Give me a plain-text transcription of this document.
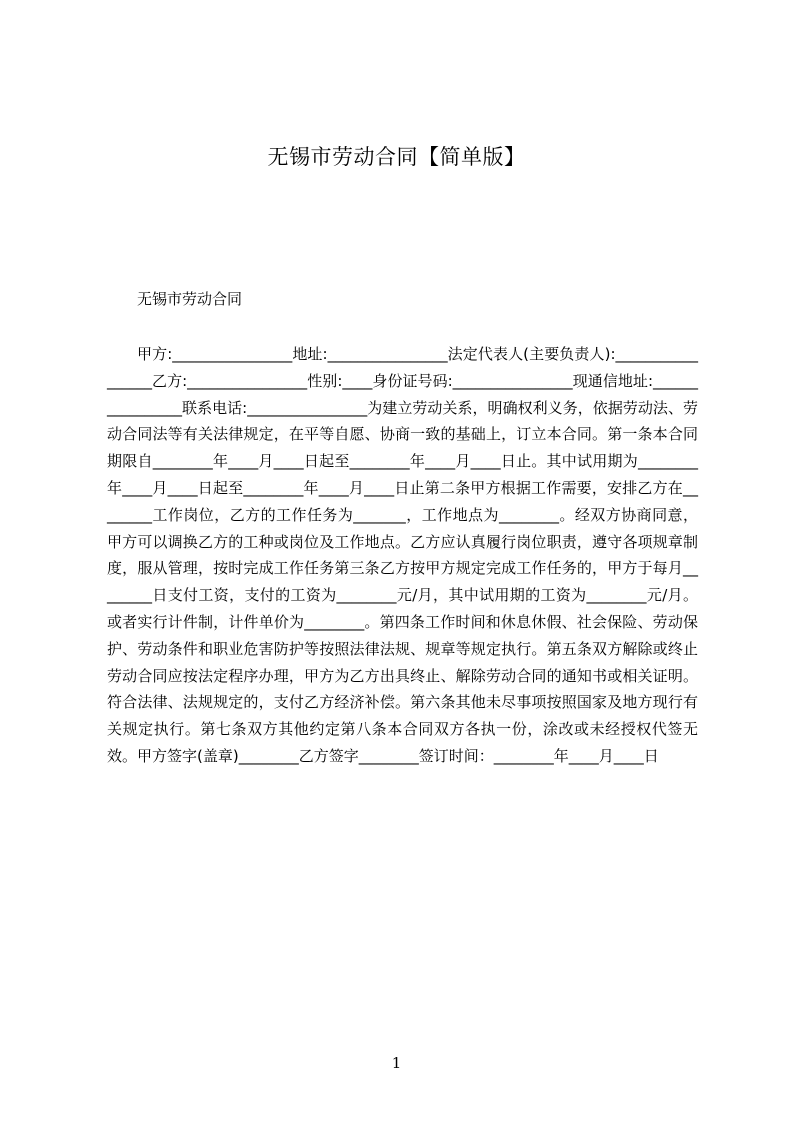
无锡市劳动合同【简单版】
无锡市劳动合同

甲方:________________地址:________________法定代表人(主要负责人):_________________乙方:________________性别:____身份证号码:________________现通信地址:________________联系电话:________________为建立劳动关系，明确权利义务，依据劳动法、劳动合同法等有关法律规定，在平等自愿、协商一致的基础上，订立本合同。第一条本合同期限自________年____月____日起至________年____月____日止。其中试用期为________年____月____日起至________年____月____日止第二条甲方根据工作需要，安排乙方在________工作岗位，乙方的工作任务为_______，工作地点为________。经双方协商同意，甲方可以调换乙方的工种或岗位及工作地点。乙方应认真履行岗位职责，遵守各项规章制度，服从管理，按时完成工作任务第三条乙方按甲方规定完成工作任务的，甲方于每月________日支付工资，支付的工资为________元/月，其中试用期的工资为________元/月。或者实行计件制，计件单价为________。第四条工作时间和休息休假、社会保险、劳动保护、劳动条件和职业危害防护等按照法律法规、规章等规定执行。第五条双方解除或终止劳动合同应按法定程序办理，甲方为乙方出具终止、解除劳动合同的通知书或相关证明。符合法律、法规规定的，支付乙方经济补偿。第六条其他未尽事项按照国家及地方现行有关规定执行。第七条双方其他约定第八条本合同双方各执一份，涂改或未经授权代签无效。甲方签字(盖章)________乙方签字________签订时间：________年____月____日

1
